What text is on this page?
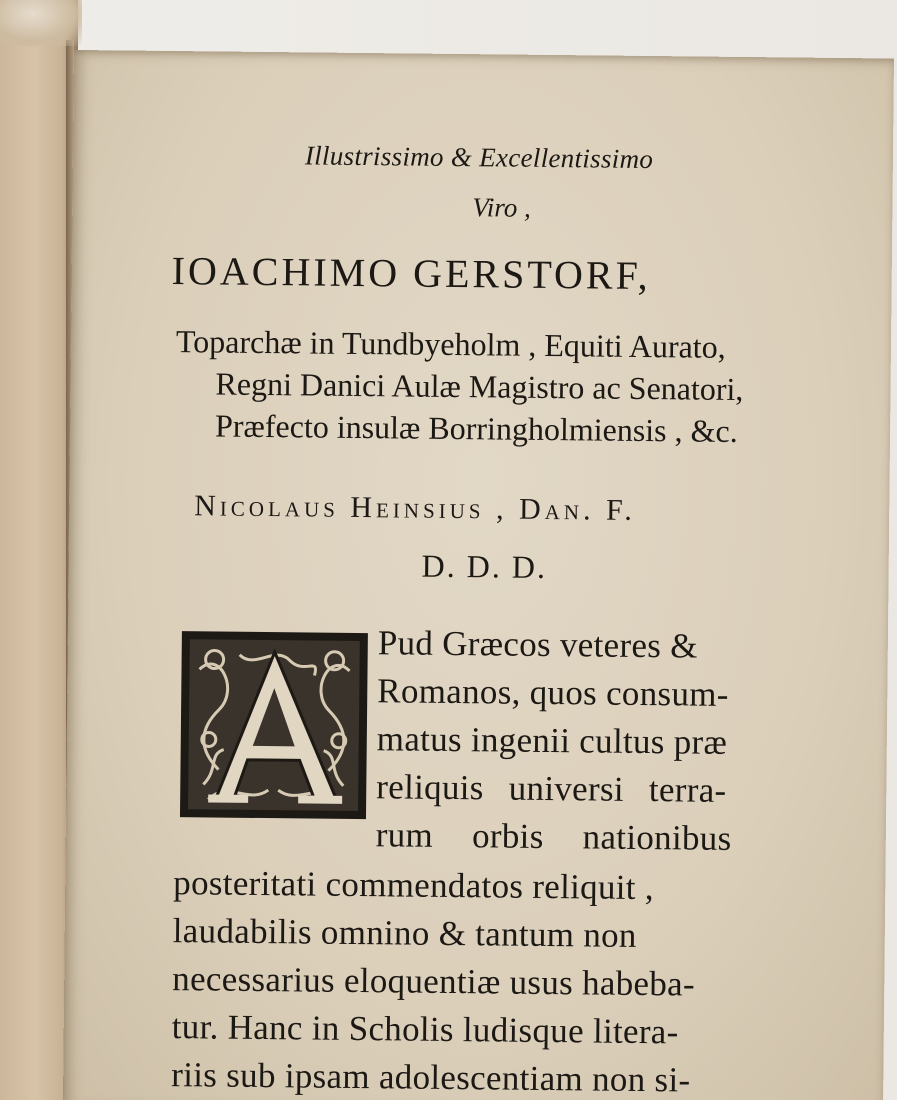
Illustrissimo & Excellentissimo
Viro ,
IOACHIMO GERSTORF,
Toparchæ in Tundbyeholm , Equiti Aurato,
Regni Danici Aulæ Magistro ac Senatori,
Præfecto insulæ Borringholmiensis , &c.
Nicolaus Heinsius , Dan. F.
D. D. D.
Pud Græcos veteres &
Romanos, quos consum-
matus ingenii cultus præ
reliquis universi terra-
rum orbis nationibus
posteritati commendatos reliquit ,
laudabilis omnino & tantum non
necessarius eloquentiæ usus habeba-
tur. Hanc in Scholis ludisque litera-
riis sub ipsam adolescentiam non si-
